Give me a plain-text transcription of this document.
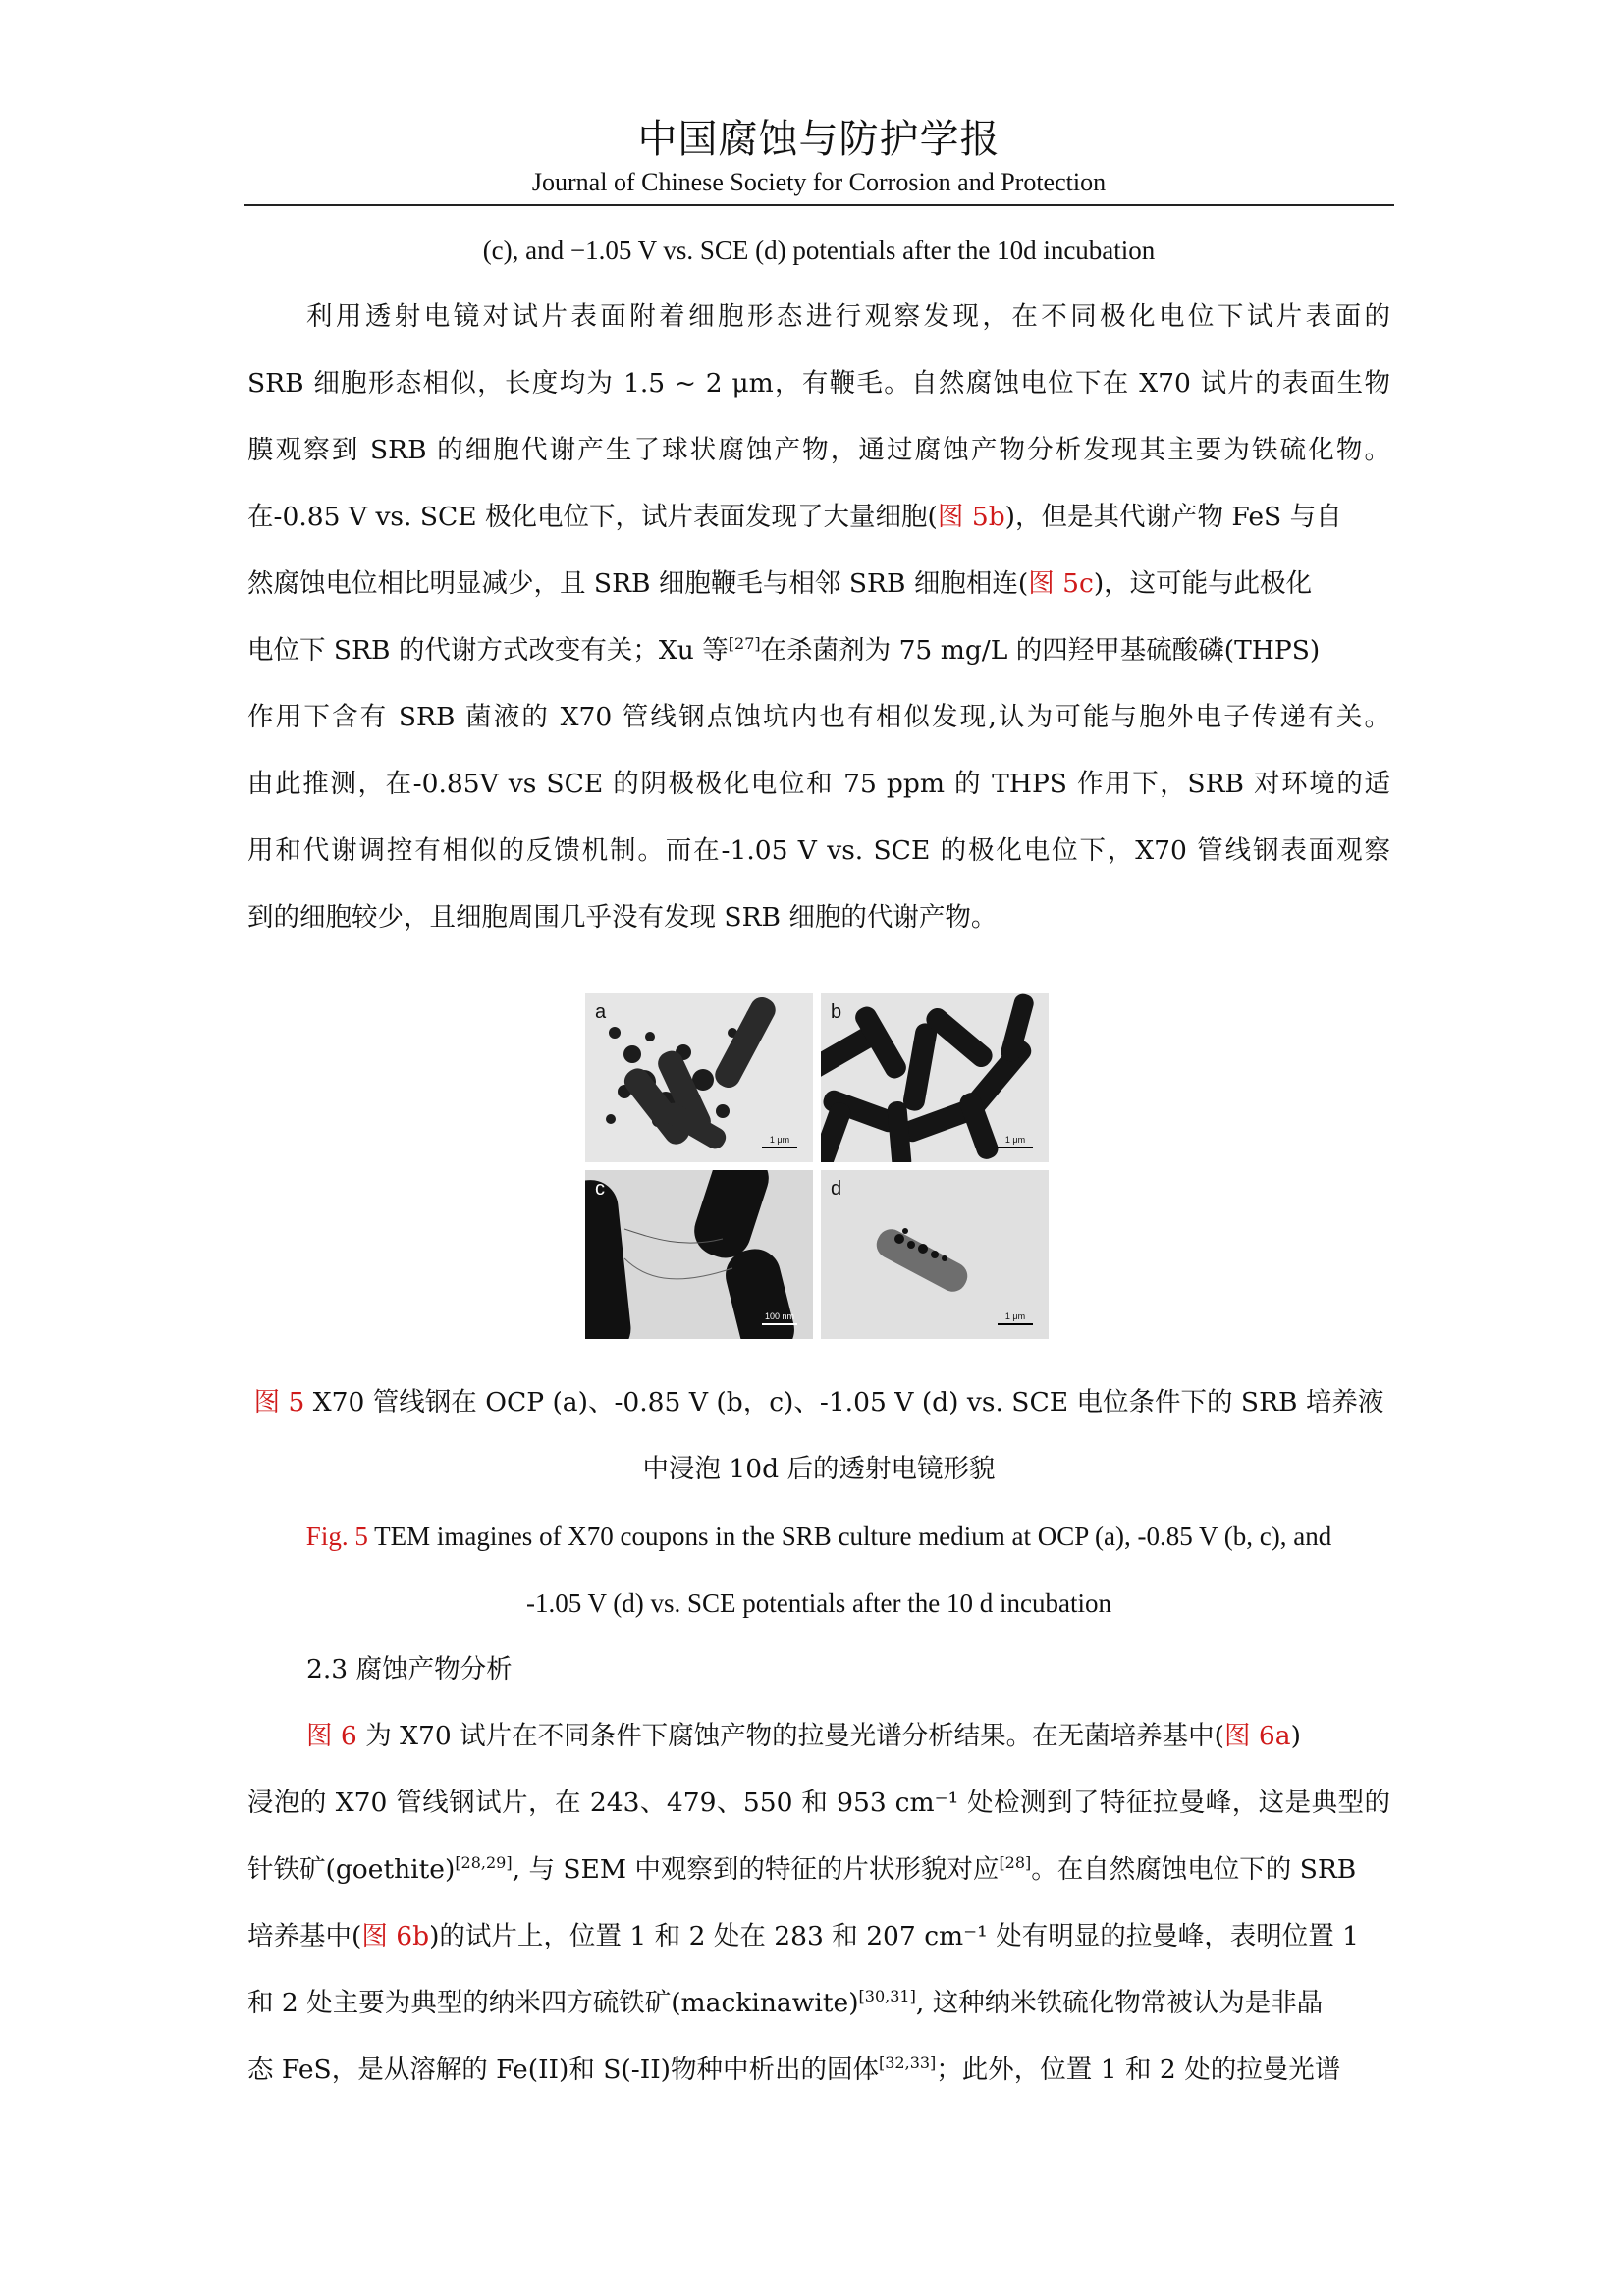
中国腐蚀与防护学报
Journal of Chinese Society for Corrosion and Protection
(c), and −1.05 V vs. SCE (d) potentials after the 10d incubation
利用透射电镜对试片表面附着细胞形态进行观察发现，在不同极化电位下试片表面的
SRB 细胞形态相似，长度均为 1.5 ~ 2 μm，有鞭毛。自然腐蚀电位下在 X70 试片的表面生物
膜观察到 SRB 的细胞代谢产生了球状腐蚀产物，通过腐蚀产物分析发现其主要为铁硫化物。
在-0.85 V vs. SCE 极化电位下，试片表面发现了大量细胞(图 5b)，但是其代谢产物 FeS 与自
然腐蚀电位相比明显减少，且 SRB 细胞鞭毛与相邻 SRB 细胞相连(图 5c)，这可能与此极化
电位下 SRB 的代谢方式改变有关；Xu 等[27]在杀菌剂为 75 mg/L 的四羟甲基硫酸磷(THPS)
作用下含有 SRB 菌液的 X70 管线钢点蚀坑内也有相似发现,认为可能与胞外电子传递有关。
由此推测，在-0.85V vs SCE 的阴极极化电位和 75 ppm 的 THPS 作用下，SRB 对环境的适
用和代谢调控有相似的反馈机制。而在-1.05 V vs. SCE 的极化电位下，X70 管线钢表面观察
到的细胞较少，且细胞周围几乎没有发现 SRB 细胞的代谢产物。
a
1 μm
b
1 μm
c
100 nm
d
1 μm
图 5 X70 管线钢在 OCP (a)、-0.85 V (b，c)、-1.05 V (d) vs. SCE 电位条件下的 SRB 培养液
中浸泡 10d 后的透射电镜形貌
Fig. 5 TEM imagines of X70 coupons in the SRB culture medium at OCP (a), -0.85 V (b, c), and
-1.05 V (d) vs. SCE potentials after the 10 d incubation
2.3 腐蚀产物分析
图 6 为 X70 试片在不同条件下腐蚀产物的拉曼光谱分析结果。在无菌培养基中(图 6a)
浸泡的 X70 管线钢试片，在 243、479、550 和 953 cm⁻¹ 处检测到了特征拉曼峰，这是典型的
针铁矿(goethite)[28,29], 与 SEM 中观察到的特征的片状形貌对应[28]。在自然腐蚀电位下的 SRB
培养基中(图 6b)的试片上，位置 1 和 2 处在 283 和 207 cm⁻¹ 处有明显的拉曼峰，表明位置 1
和 2 处主要为典型的纳米四方硫铁矿(mackinawite)[30,31], 这种纳米铁硫化物常被认为是非晶
态 FeS，是从溶解的 Fe(II)和 S(-II)物种中析出的固体[32,33]；此外，位置 1 和 2 处的拉曼光谱
